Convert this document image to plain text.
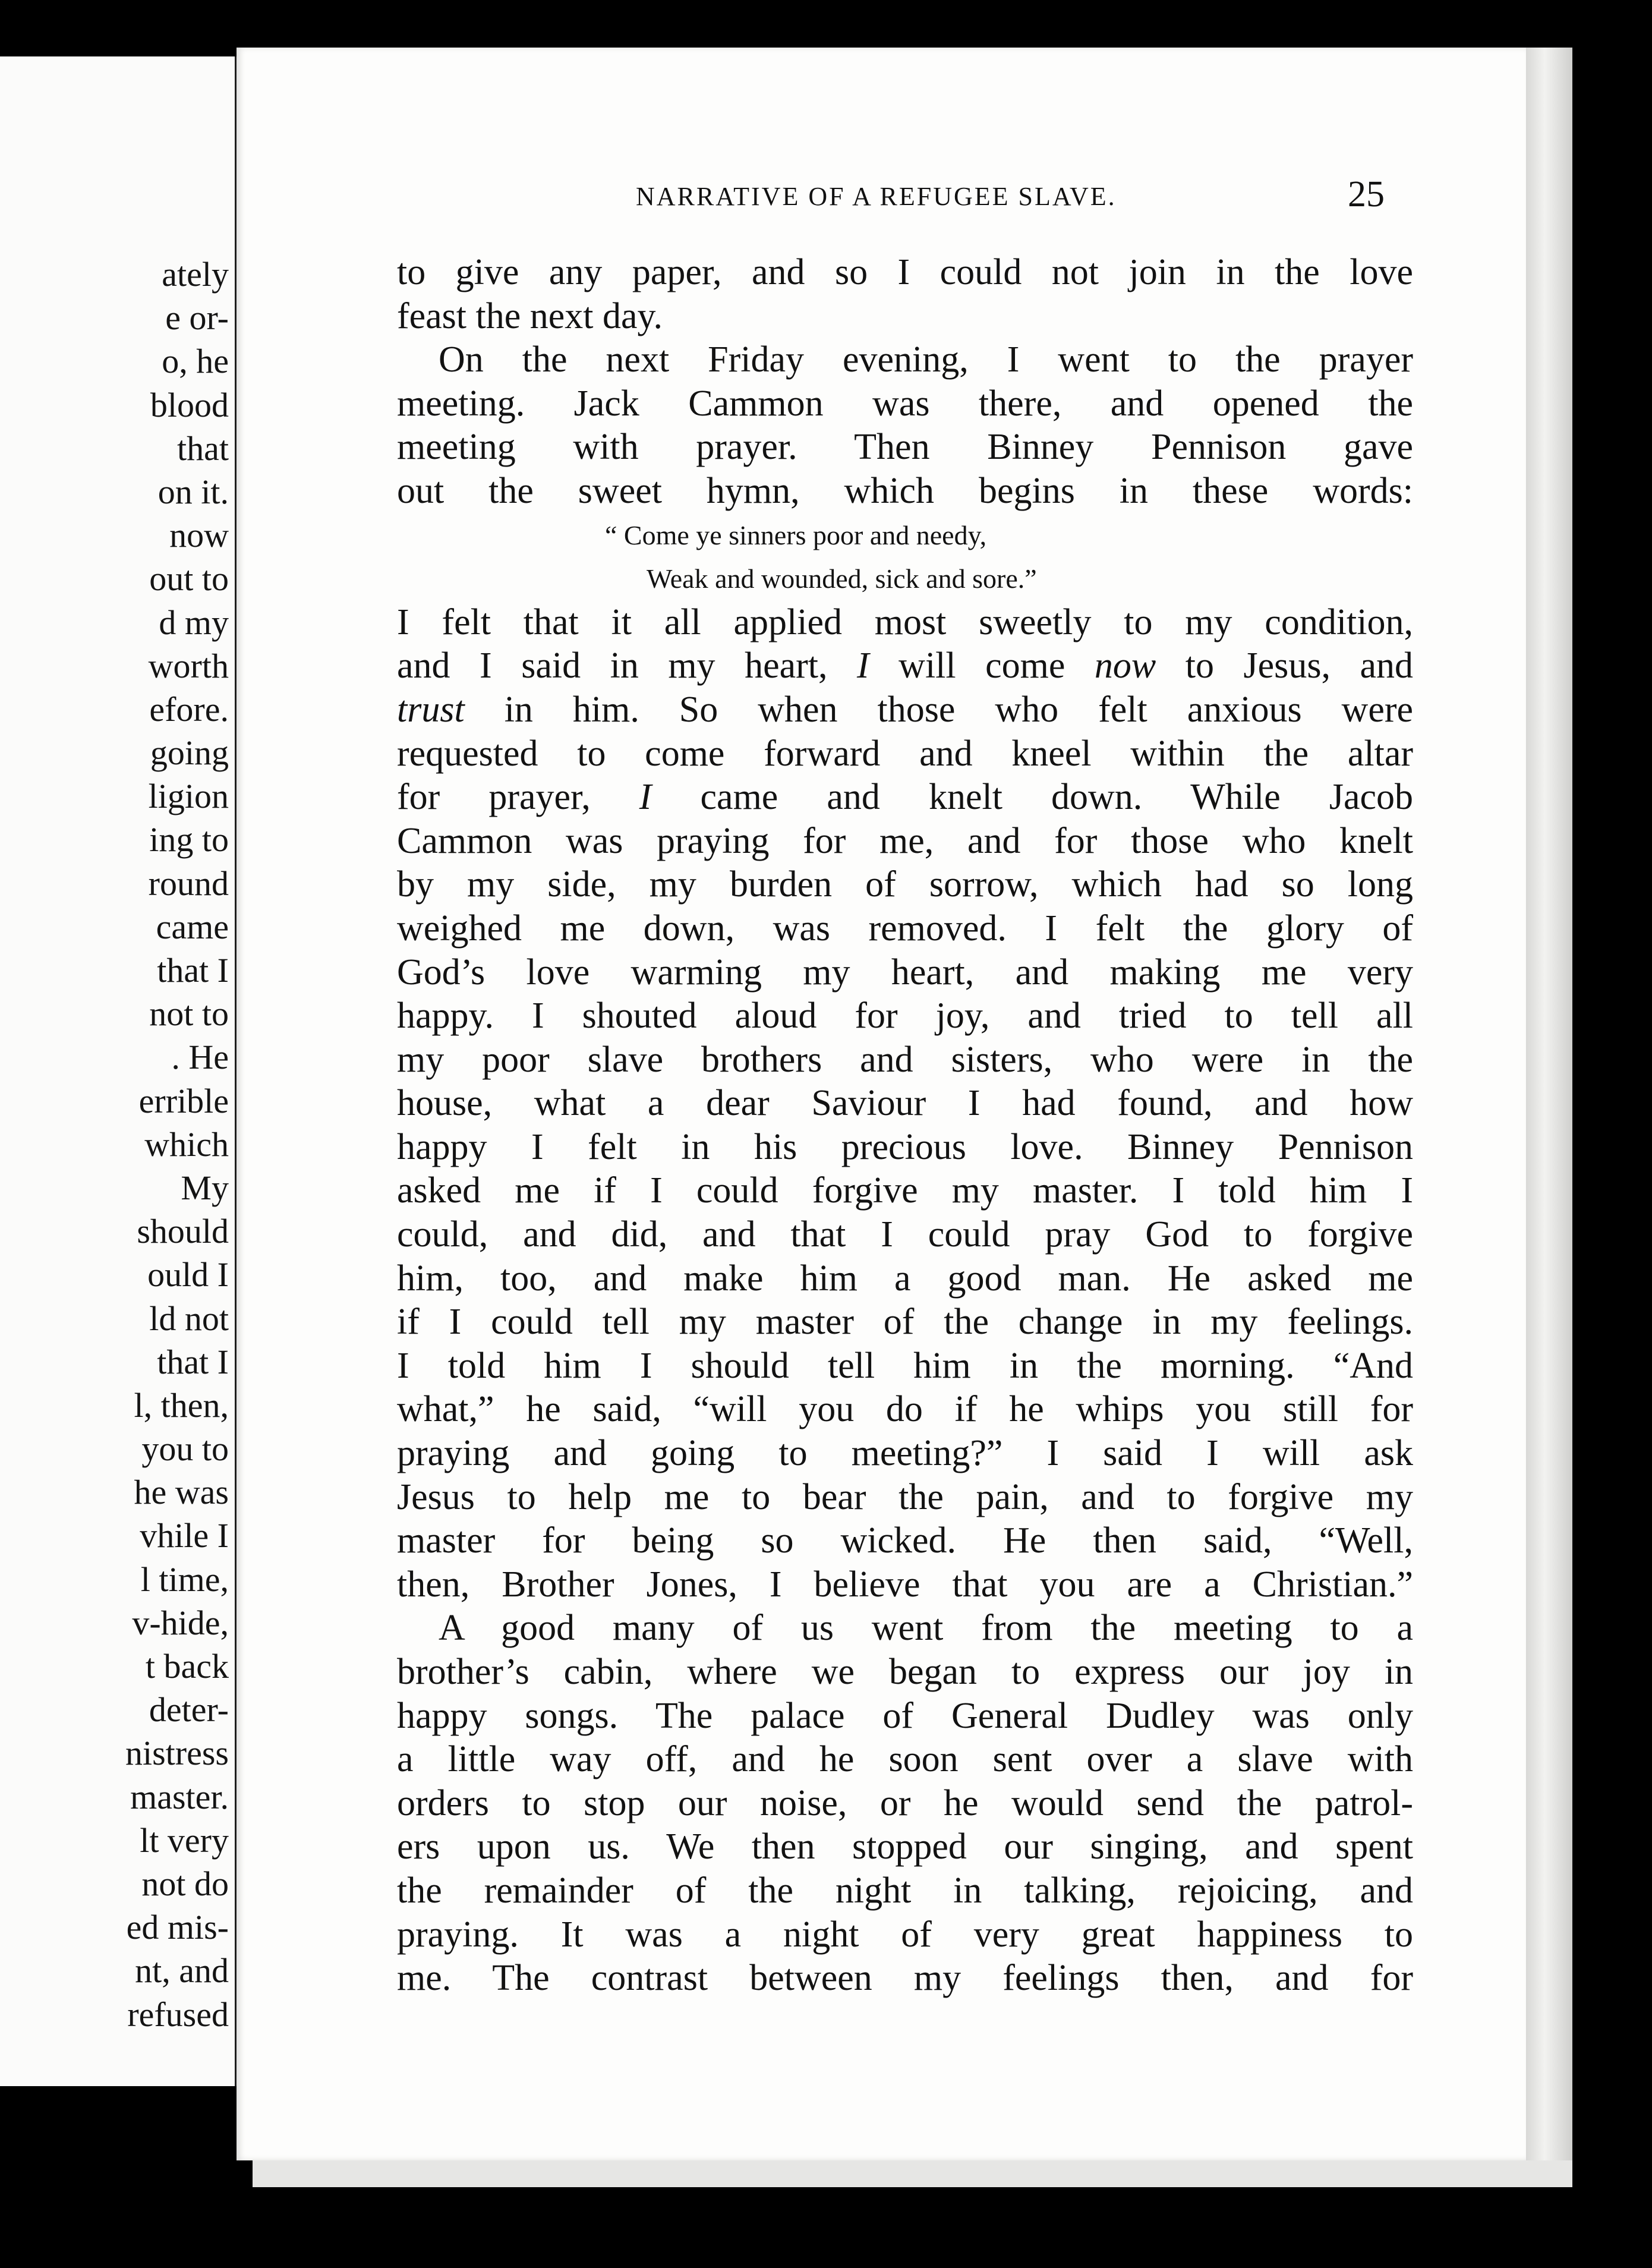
ately
e or-
o, he
blood
that
on it.
now
out to
d my
worth
efore.
going
ligion
ing to
round
came
that I
not to
. He
errible
which
My
should
ould I
ld not
that I
l, then,
you to
he was
vhile I
l time,
v-hide,
t back
deter-
nistress
master.
lt very
not do
ed mis-
nt, and
refused
NARRATIVE OF A REFUGEE SLAVE.	25
to give any paper, and so I could not join in the love
feast the next day.
On the next Friday evening, I went to the prayer
meeting. Jack Cammon was there, and opened the
meeting with prayer. Then Binney Pennison gave
out the sweet hymn, which begins in these words:
“ Come ye sinners poor and needy,
Weak and wounded, sick and sore.”
I felt that it all applied most sweetly to my condition,
and I said in my heart, I will come now to Jesus, and
trust in him. So when those who felt anxious were
requested to come forward and kneel within the altar
for prayer, I came and knelt down. While Jacob
Cammon was praying for me, and for those who knelt
by my side, my burden of sorrow, which had so long
weighed me down, was removed. I felt the glory of
God’s love warming my heart, and making me very
happy. I shouted aloud for joy, and tried to tell all
my poor slave brothers and sisters, who were in the
house, what a dear Saviour I had found, and how
happy I felt in his precious love. Binney Pennison
asked me if I could forgive my master. I told him I
could, and did, and that I could pray God to forgive
him, too, and make him a good man. He asked me
if I could tell my master of the change in my feelings.
I told him I should tell him in the morning. “And
what,” he said, “will you do if he whips you still for
praying and going to meeting?” I said I will ask
Jesus to help me to bear the pain, and to forgive my
master for being so wicked. He then said, “Well,
then, Brother Jones, I believe that you are a Christian.”
A good many of us went from the meeting to a
brother’s cabin, where we began to express our joy in
happy songs. The palace of General Dudley was only
a little way off, and he soon sent over a slave with
orders to stop our noise, or he would send the patrol-
ers upon us. We then stopped our singing, and spent
the remainder of the night in talking, rejoicing, and
praying. It was a night of very great happiness to
me. The contrast between my feelings then, and for
